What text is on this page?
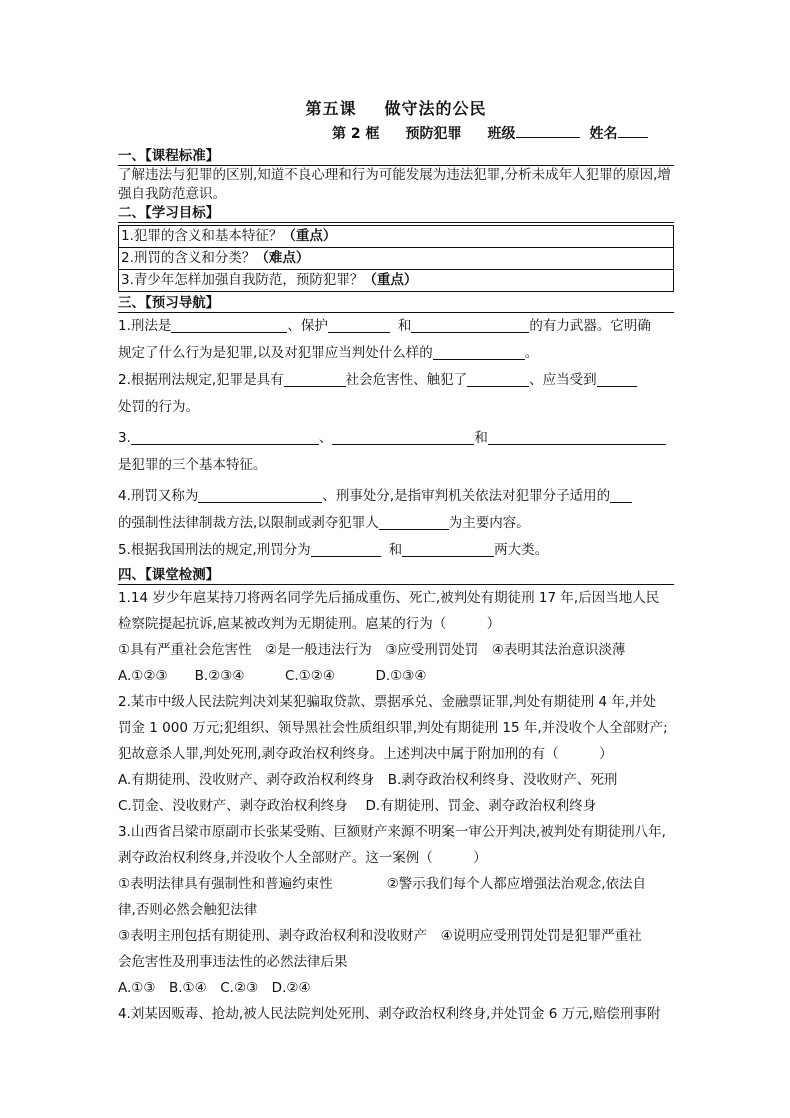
第五课 做守法的公民
第 2 框 预防犯罪 班级	姓名
一、【课程标准】
了解违法与犯罪的区别,知道不良心理和行为可能发展为违法犯罪,分析未成年人犯罪的原因,增强自我防范意识。
二、【学习目标】
1.犯罪的含义和基本特征？（重点）
2.刑罚的含义和分类？（难点）
3.青少年怎样加强自我防范，预防犯罪？（重点）
三、【预习导航】
1.刑法是	、保护	和	的有力武器。它明确
规定了什么行为是犯罪,以及对犯罪应当判处什么样的	。
2.根据刑法规定,犯罪是具有	社会危害性、触犯了	、应当受到
处罚的行为。
3.	、	和
是犯罪的三个基本特征。
4.刑罚又称为	、刑事处分,是指审判机关依法对犯罪分子适用的
的强制性法律制裁方法,以限制或剥夺犯罪人	为主要内容。
5.根据我国刑法的规定,刑罚分为	和	两大类。
四、【课堂检测】
1.14 岁少年扈某持刀将两名同学先后捅成重伤、死亡,被判处有期徒刑 17 年,后因当地人民
检察院提起抗诉,扈某被改判为无期徒刑。扈某的行为（　　　）
①具有严重社会危害性　②是一般违法行为　③应受刑罚处罚　④表明其法治意识淡薄
A.①②③　　B.②③④　　　C.①②④　　　D.①③④
2.某市中级人民法院判决刘某犯骗取贷款、票据承兑、金融票证罪,判处有期徒刑 4 年,并处
罚金 1 000 万元;犯组织、领导黑社会性质组织罪,判处有期徒刑 15 年,并没收个人全部财产;
犯故意杀人罪,判处死刑,剥夺政治权利终身。上述判决中属于附加刑的有（　　　）
A.有期徒刑、没收财产、剥夺政治权利终身　B.剥夺政治权利终身、没收财产、死刑
C.罚金、没收财产、剥夺政治权利终身　 D.有期徒刑、罚金、剥夺政治权利终身
3.山西省吕梁市原副市长张某受贿、巨额财产来源不明案一审公开判决,被判处有期徒刑八年,
剥夺政治权利终身,并没收个人全部财产。这一案例（　　　）
①表明法律具有强制性和普遍约束性　　　　②警示我们每个人都应增强法治观念,依法自
律,否则必然会触犯法律
③表明主刑包括有期徒刑、剥夺政治权利和没收财产　④说明应受刑罚处罚是犯罪严重社
会危害性及刑事违法性的必然法律后果
A.①③　B.①④　C.②③　D.②④
4.刘某因贩毒、抢劫,被人民法院判处死刑、剥夺政治权利终身,并处罚金 6 万元,赔偿刑事附
